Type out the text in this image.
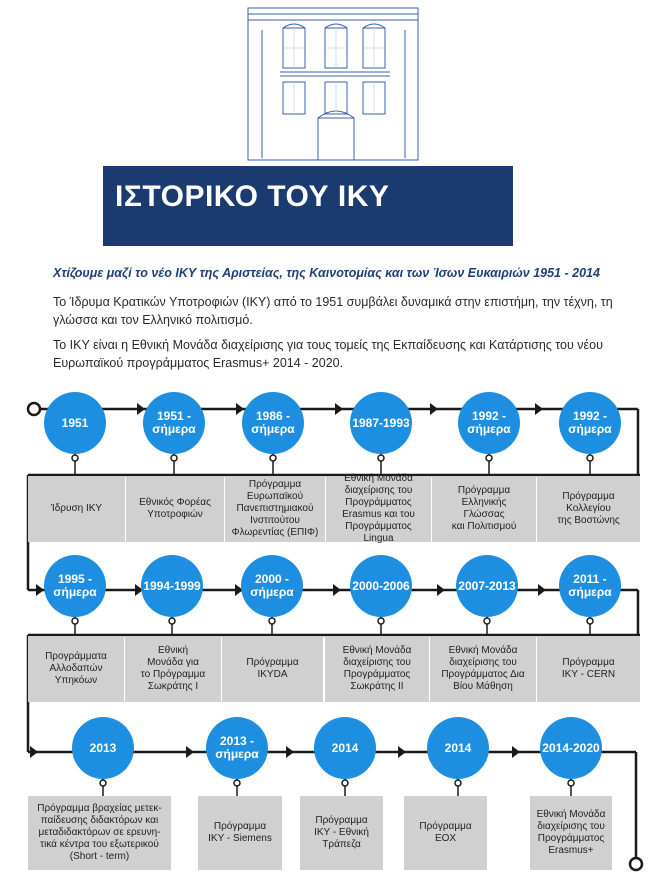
ΙΣΤΟΡΙΚΟ ΤΟΥ ΙΚΥ
Χτίζουμε μαζί το νέο ΙΚΥ της Αριστείας, της Καινοτομίας και των Ίσων Ευκαιριών 1951 - 2014
Το Ίδρυμα Κρατικών Υποτροφιών (ΙΚΥ) από το 1951 συμβάλει δυναμικά στην επιστήμη, την τέχνη, τη γλώσσα και τον Ελληνικό πολιτισμό.
Το ΙΚΥ είναι η Εθνική Μονάδα διαχείρισης για τους τομείς της Εκπαίδευσης και Κατάρτισης του νέου Ευρωπαϊκού προγράμματος Erasmus+ 2014 - 2020.
1951
Ίδρυση ΙΚΥ
1951 -
σήμερα
Εθνικός Φορέας
Υποτροφιών
1986 -
σήμερα
Πρόγραμμα
Ευρωπαϊκού
Πανεπιστημιακού
Ινστιτούτου
Φλωρεντίας (ΕΠΙΦ)
1987-1993
Εθνική Μονάδα
διαχείρισης του
Προγράμματος
Erasmus και του
Προγράμματος Lingua
1992 -
σήμερα
Πρόγραμμα
Ελληνικής
Γλώσσας
και Πολιτισμού
1992 -
σήμερα
Πρόγραμμα
Κολλεγίου
της Βοστώνης
1995 -
σήμερα
Προγράμματα
Αλλοδαπών
Υπηκόων
1994-1999
Εθνική
Μονάδα για
το Πρόγραμμα
Σωκράτης Ι
2000 -
σήμερα
Πρόγραμμα
IKYDA
2000-2006
Εθνική Μονάδα
διαχείρισης του
Προγράμματος
Σωκράτης ΙΙ
2007-2013
Εθνική Μονάδα
διαχείρισης του
Προγράμματος Δια
Βίου Μάθηση
2011 -
σήμερα
Πρόγραμμα
ΙΚΥ - CERN
2013
Πρόγραμμα βραχείας μετεκ-
παίδευσης διδακτόρων και
μεταδιδακτόρων σε ερευνη-
τικά κέντρα του εξωτερικού
(Short - term)
2013 -
σήμερα
Πρόγραμμα
ΙΚΥ - Siemens
2014
Πρόγραμμα
ΙΚΥ - Εθνική
Τράπεζα
2014
Πρόγραμμα
ΕΟΧ
2014-2020
Εθνική Μονάδα
διαχείρισης του
Προγράμματος
Erasmus+
